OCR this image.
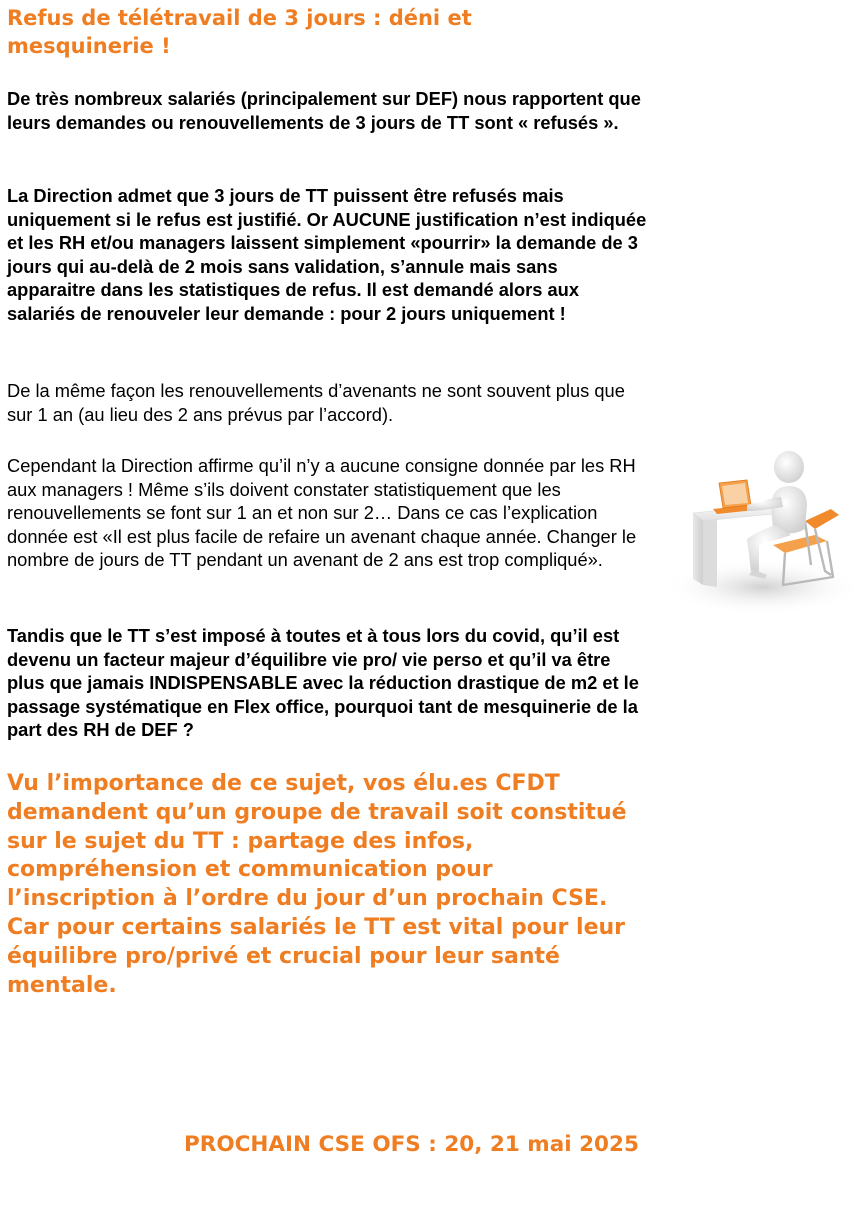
Refus de télétravail de 3 jours : déni et mesquinerie !

De très nombreux salariés (principalement sur DEF) nous rapportent que leurs demandes ou renouvellements de 3 jours de TT sont « refusés ».

La Direction admet que 3 jours de TT puissent être refusés mais uniquement si le refus est justifié. Or AUCUNE justification n’est indiquée et les RH et/ou managers laissent simplement «pourrir» la demande de 3 jours qui au-delà de 2 mois sans validation, s’annule mais sans apparaitre dans les statistiques de refus. Il est demandé alors aux salariés de renouveler leur demande : pour 2 jours uniquement !

De la même façon les renouvellements d’avenants ne sont souvent plus que sur 1 an (au lieu des 2 ans prévus par l’accord).

Cependant la Direction affirme qu’il n’y a aucune consigne donnée par les RH aux managers ! Même s’ils doivent constater statistiquement que les renouvellements se font sur 1 an et non sur 2… Dans ce cas l’explication donnée est «Il est plus facile de refaire un avenant chaque année. Changer le nombre de jours de TT pendant un avenant de 2 ans est trop compliqué».

Tandis que le TT s’est imposé à toutes et à tous lors du covid, qu’il est devenu un facteur majeur d’équilibre vie pro/ vie perso et qu’il va être plus que jamais INDISPENSABLE avec la réduction drastique de m2 et le passage systématique en Flex office, pourquoi tant de mesquinerie de la part des RH de DEF ?

Vu l’importance de ce sujet, vos élu.es CFDT demandent qu’un groupe de travail soit constitué sur le sujet du TT : partage des infos, compréhension et communication pour l’inscription à l’ordre du jour d’un prochain CSE.
Car pour certains salariés le TT est vital pour leur équilibre pro/privé et crucial pour leur santé mentale.

PROCHAIN CSE OFS : 20, 21 mai 2025
